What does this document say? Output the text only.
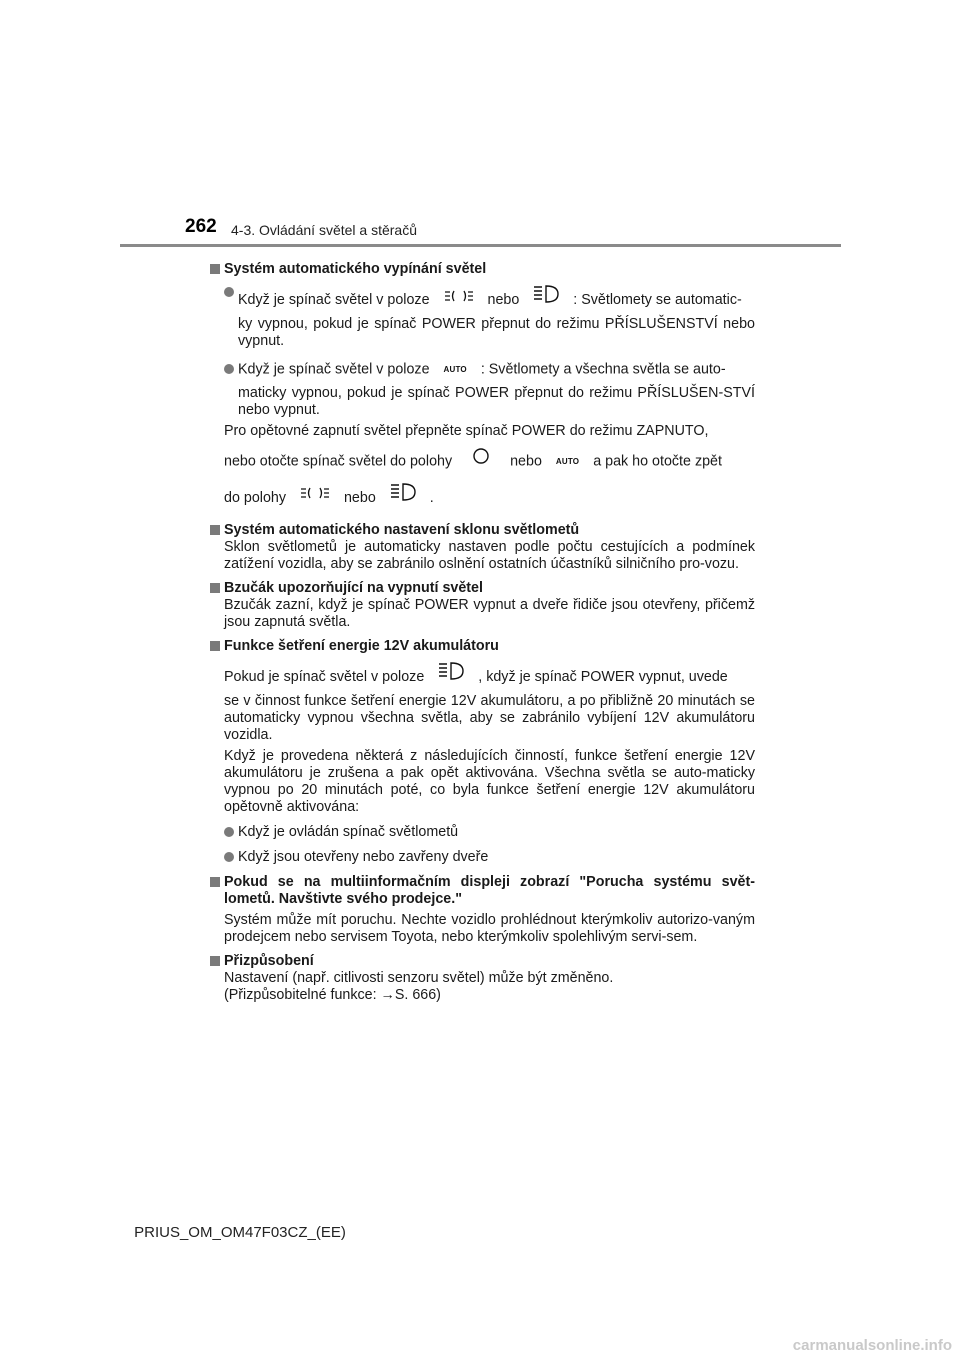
262 4-3. Ovládání světel a stěračů
Systém automatického vypínání světel
Když je spínač světel v poloze	nebo	: Světlomety se automatic-
ky vypnou, pokud je spínač POWER přepnut do režimu PŘÍSLUŠENSTVÍ nebo vypnut.
Když je spínač světel v poloze AUTO : Světlomety a všechna světla se auto-
maticky vypnou, pokud je spínač POWER přepnut do režimu PŘÍSLUŠEN-STVÍ nebo vypnut.
Pro opětovné zapnutí světel přepněte spínač POWER do režimu ZAPNUTO,
nebo otočte spínač světel do polohy	nebo AUTO a pak ho otočte zpět
do polohy	nebo	.
Systém automatického nastavení sklonu světlometů
Sklon světlometů je automaticky nastaven podle počtu cestujících a podmínek zatížení vozidla, aby se zabránilo oslnění ostatních účastníků silničního pro-vozu.
Bzučák upozorňující na vypnutí světel
Bzučák zazní, když je spínač POWER vypnut a dveře řidiče jsou otevřeny, přičemž jsou zapnutá světla.
Funkce šetření energie 12V akumulátoru
Pokud je spínač světel v poloze	, když je spínač POWER vypnut, uvede
se v činnost funkce šetření energie 12V akumulátoru, a po přibližně 20 minutách se automaticky vypnou všechna světla, aby se zabránilo vybíjení 12V akumulátoru vozidla.
Když je provedena některá z následujících činností, funkce šetření energie 12V akumulátoru je zrušena a pak opět aktivována. Všechna světla se auto-maticky vypnou po 20 minutách poté, co byla funkce šetření energie 12V akumulátoru opětovně aktivována:
Když je ovládán spínač světlometů
Když jsou otevřeny nebo zavřeny dveře
Pokud se na multiinformačním displeji zobrazí "Porucha systému svět-lometů. Navštivte svého prodejce."
Systém může mít poruchu. Nechte vozidlo prohlédnout kterýmkoliv autorizo-vaným prodejcem nebo servisem Toyota, nebo kterýmkoliv spolehlivým servi-sem.
Přizpůsobení
Nastavení (např. citlivosti senzoru světel) může být změněno.
(Přizpůsobitelné funkce: →S. 666)
PRIUS_OM_OM47F03CZ_(EE)
carmanualsonline.info
